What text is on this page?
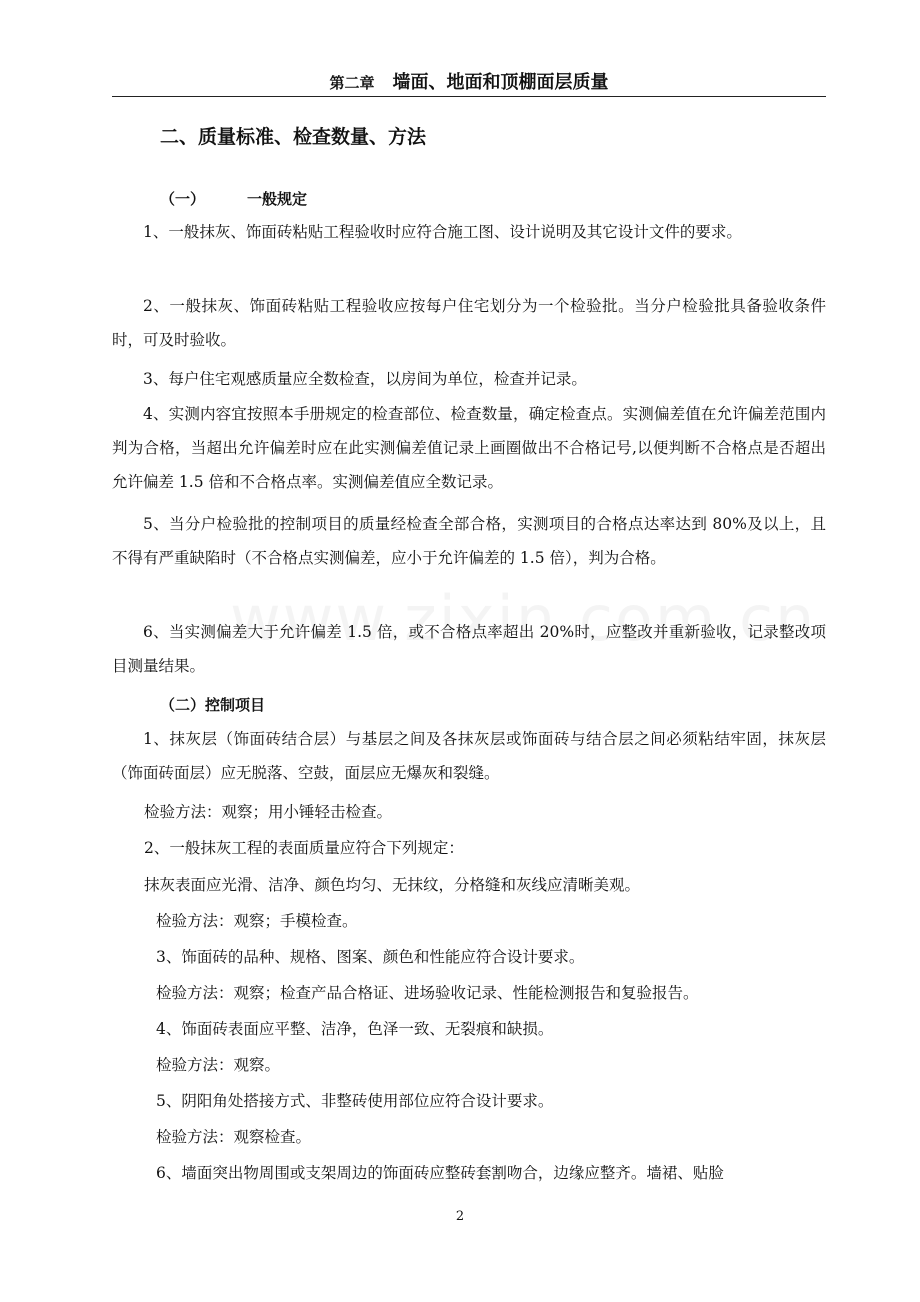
第二章 墙面、地面和顶棚面层质量
二、质量标准、检查数量、方法
（一）	一般规定

1、一般抹灰、饰面砖粘贴工程验收时应符合施工图、设计说明及其它设计文件的要求。

2、一般抹灰、饰面砖粘贴工程验收应按每户住宅划分为一个检验批。当分户检验批具备验收条件时，可及时验收。

3、每户住宅观感质量应全数检查，以房间为单位，检查并记录。

4、实测内容宜按照本手册规定的检查部位、检查数量，确定检查点。实测偏差值在允许偏差范围内判为合格，当超出允许偏差时应在此实测偏差值记录上画圈做出不合格记号,以便判断不合格点是否超出允许偏差 1.5 倍和不合格点率。实测偏差值应全数记录。

5、当分户检验批的控制项目的质量经检查全部合格，实测项目的合格点达率达到 80%及以上，且不得有严重缺陷时（不合格点实测偏差，应小于允许偏差的 1.5 倍），判为合格。

6、当实测偏差大于允许偏差 1.5 倍，或不合格点率超出 20%时，应整改并重新验收，记录整改项目测量结果。

（二）控制项目

1、抹灰层（饰面砖结合层）与基层之间及各抹灰层或饰面砖与结合层之间必须粘结牢固，抹灰层（饰面砖面层）应无脱落、空鼓，面层应无爆灰和裂缝。

检验方法：观察；用小锤轻击检查。

2、一般抹灰工程的表面质量应符合下列规定：

抹灰表面应光滑、洁净、颜色均匀、无抹纹，分格缝和灰线应清晰美观。

检验方法：观察；手模检查。

3、饰面砖的品种、规格、图案、颜色和性能应符合设计要求。

检验方法：观察；检查产品合格证、进场验收记录、性能检测报告和复验报告。

4、饰面砖表面应平整、洁净，色泽一致、无裂痕和缺损。

检验方法：观察。

5、阴阳角处搭接方式、非整砖使用部位应符合设计要求。

检验方法：观察检查。

6、墙面突出物周围或支架周边的饰面砖应整砖套割吻合，边缘应整齐。墙裙、贴脸

2
